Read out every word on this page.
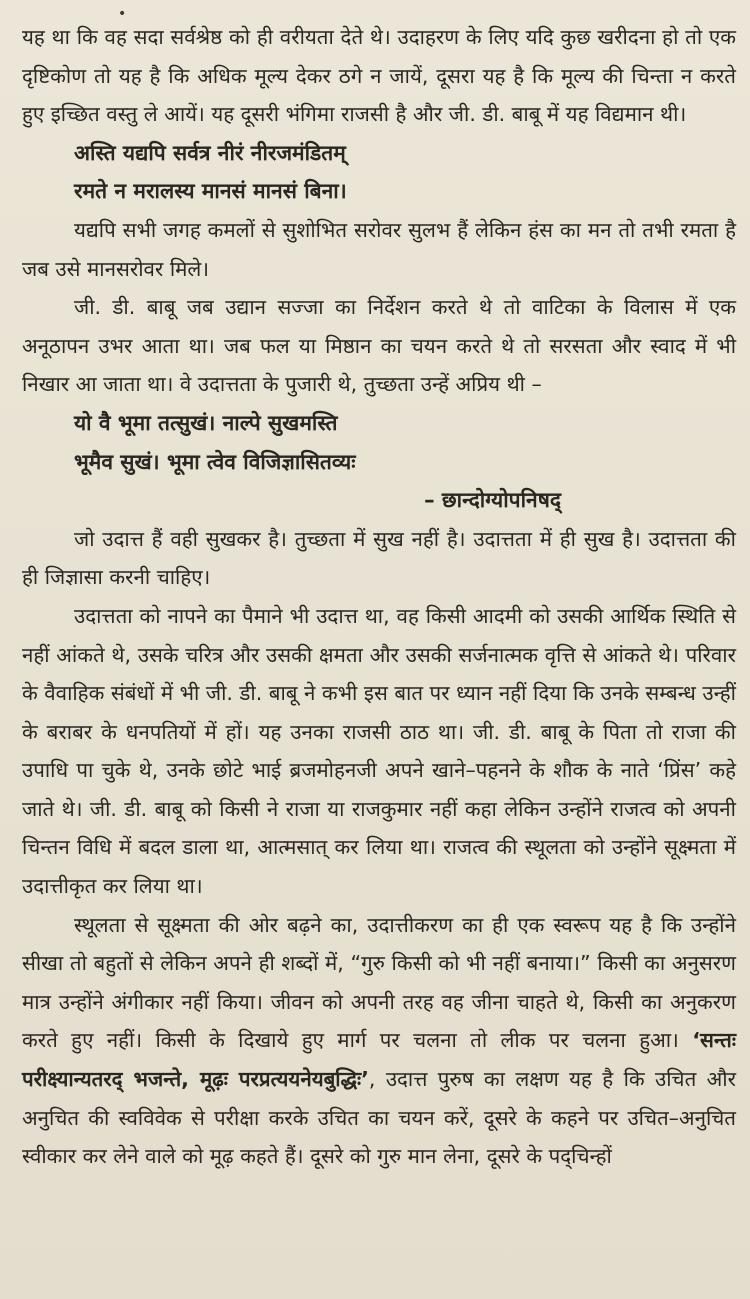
•

यह था कि वह सदा सर्वश्रेष्ठ को ही वरीयता देते थे। उदाहरण के लिए यदि कुछ खरीदना हो तो एक दृष्टिकोण तो यह है कि अधिक मूल्य देकर ठगे न जायें, दूसरा यह है कि मूल्य की चिन्ता न करते हुए इच्छित वस्तु ले आयें। यह दूसरी भंगिमा राजसी है और जी. डी. बाबू में यह विद्यमान थी।

अस्ति यद्यपि सर्वत्र नीरं नीरजमंडितम्

रमते न मरालस्य मानसं मानसं बिना।

यद्यपि सभी जगह कमलों से सुशोभित सरोवर सुलभ हैं लेकिन हंस का मन तो तभी रमता है जब उसे मानसरोवर मिले।

जी. डी. बाबू जब उद्यान सज्जा का निर्देशन करते थे तो वाटिका के विलास में एक अनूठापन उभर आता था। जब फल या मिष्ठान का चयन करते थे तो सरसता और स्वाद में भी निखार आ जाता था। वे उदात्तता के पुजारी थे, तुच्छता उन्हें अप्रिय थी –

यो वै भूमा तत्सुखं। नाल्पे सुखमस्ति

भूमैव सुखं। भूमा त्वेव विजिज्ञासितव्यः

– छान्दोग्योपनिषद्

जो उदात्त हैं वही सुखकर है। तुच्छता में सुख नहीं है। उदात्तता में ही सुख है। उदात्तता की ही जिज्ञासा करनी चाहिए।

उदात्तता को नापने का पैमाने भी उदात्त था, वह किसी आदमी को उसकी आर्थिक स्थिति से नहीं आंकते थे, उसके चरित्र और उसकी क्षमता और उसकी सर्जनात्मक वृत्ति से आंकते थे। परिवार के वैवाहिक संबंधों में भी जी. डी. बाबू ने कभी इस बात पर ध्यान नहीं दिया कि उनके सम्बन्ध उन्हीं के बराबर के धनपतियों में हों। यह उनका राजसी ठाठ था। जी. डी. बाबू के पिता तो राजा की उपाधि पा चुके थे, उनके छोटे भाई ब्रजमोहनजी अपने खाने–पहनने के शौक के नाते ‘प्रिंस’ कहे जाते थे। जी. डी. बाबू को किसी ने राजा या राजकुमार नहीं कहा लेकिन उन्होंने राजत्व को अपनी चिन्तन विधि में बदल डाला था, आत्मसात् कर लिया था। राजत्व की स्थूलता को उन्होंने सूक्ष्मता में उदात्तीकृत कर लिया था।

स्थूलता से सूक्ष्मता की ओर बढ़ने का, उदात्तीकरण का ही एक स्वरूप यह है कि उन्होंने सीखा तो बहुतों से लेकिन अपने ही शब्दों में, “गुरु किसी को भी नहीं बनाया।” किसी का अनुसरण मात्र उन्होंने अंगीकार नहीं किया। जीवन को अपनी तरह वह जीना चाहते थे, किसी का अनुकरण करते हुए नहीं। किसी के दिखाये हुए मार्ग पर चलना तो लीक पर चलना हुआ। ‘सन्तः परीक्ष्यान्यतरद् भजन्ते, मूढ़ः परप्रत्ययनेयबुद्धिः’, उदात्त पुरुष का लक्षण यह है कि उचित और अनुचित की स्वविवेक से परीक्षा करके उचित का चयन करें, दूसरे के कहने पर उचित–अनुचित स्वीकार कर लेने वाले को मूढ़ कहते हैं। दूसरे को गुरु मान लेना, दूसरे के पद्चिन्हों
